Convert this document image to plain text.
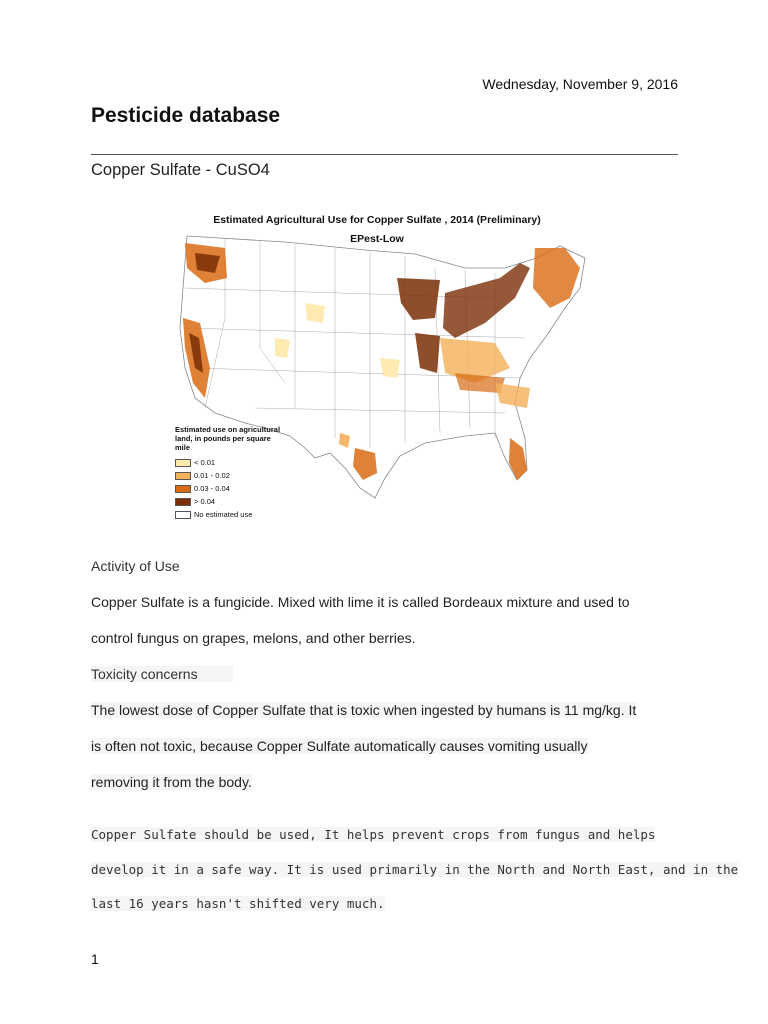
Wednesday, November 9, 2016
Pesticide database
Copper Sulfate - CuSO4
Estimated Agricultural Use for Copper Sulfate , 2014 (Preliminary)
EPest-Low
Estimated use on agricultural land, in pounds per square mile
< 0.01
0.01 - 0.02
0.03 - 0.04
> 0.04
No estimated use
Activity of Use
Copper Sulfate is a fungicide. Mixed with lime it is called Bordeaux mixture and used to
control fungus on grapes, melons, and other berries.
Toxicity concerns
The lowest dose of Copper Sulfate that is toxic when ingested by humans is 11 mg/kg. It
is often not toxic, because Copper Sulfate automatically causes vomiting usually
removing it from the body.
Copper Sulfate should be used, It helps prevent crops from fungus and helps
develop it in a safe way. It is used primarily in the North and North East, and in the
last 16 years hasn't shifted very much.
1
